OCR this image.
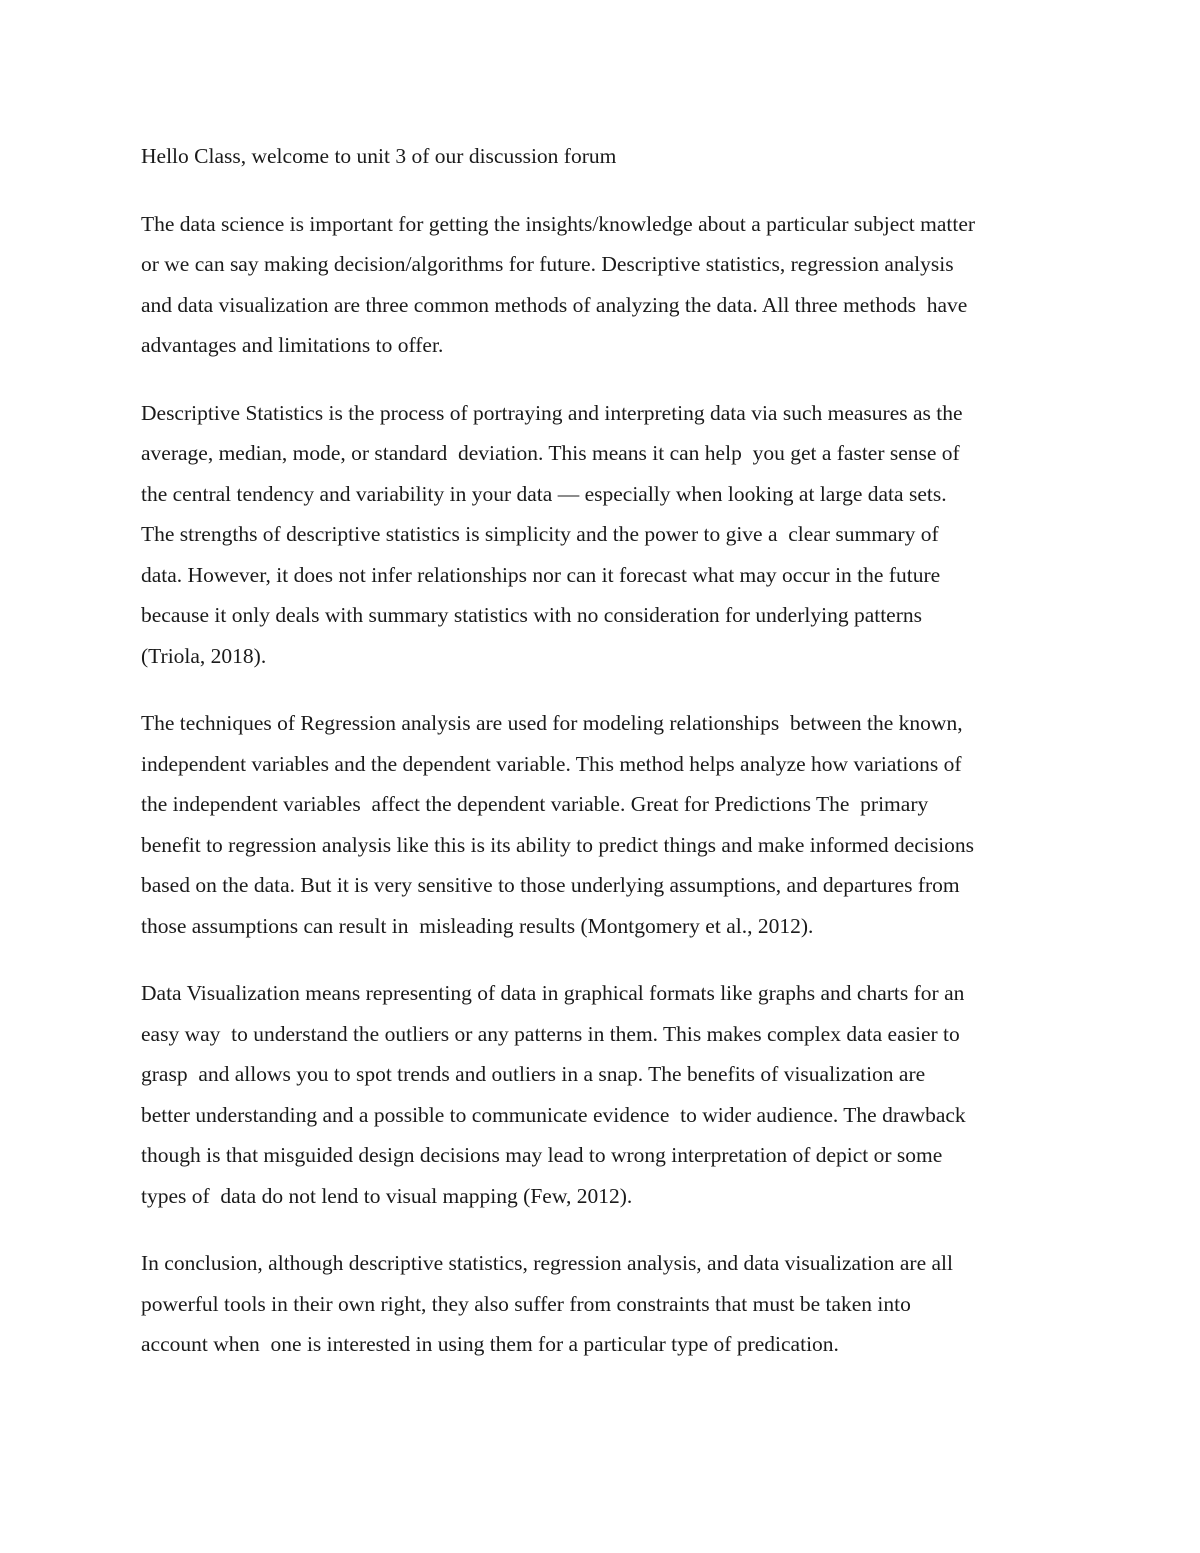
Hello Class, welcome to unit 3 of our discussion forum
The data science is important for getting the insights/knowledge about a particular subject matter
or we can say making decision/algorithms for future. Descriptive statistics, regression analysis
and data visualization are three common methods of analyzing the data. All three methods  have
advantages and limitations to offer.
Descriptive Statistics is the process of portraying and interpreting data via such measures as the
average, median, mode, or standard  deviation. This means it can help  you get a faster sense of
the central tendency and variability in your data — especially when looking at large data sets.
The strengths of descriptive statistics is simplicity and the power to give a  clear summary of
data. However, it does not infer relationships nor can it forecast what may occur in the future
because it only deals with summary statistics with no consideration for underlying patterns
(Triola, 2018).
The techniques of Regression analysis are used for modeling relationships  between the known,
independent variables and the dependent variable. This method helps analyze how variations of
the independent variables  affect the dependent variable. Great for Predictions The  primary
benefit to regression analysis like this is its ability to predict things and make informed decisions
based on the data. But it is very sensitive to those underlying assumptions, and departures from
those assumptions can result in  misleading results (Montgomery et al., 2012).
Data Visualization means representing of data in graphical formats like graphs and charts for an
easy way  to understand the outliers or any patterns in them. This makes complex data easier to
grasp  and allows you to spot trends and outliers in a snap. The benefits of visualization are
better understanding and a possible to communicate evidence  to wider audience. The drawback
though is that misguided design decisions may lead to wrong interpretation of depict or some
types of  data do not lend to visual mapping (Few, 2012).
In conclusion, although descriptive statistics, regression analysis, and data visualization are all
powerful tools in their own right, they also suffer from constraints that must be taken into
account when  one is interested in using them for a particular type of predication.
